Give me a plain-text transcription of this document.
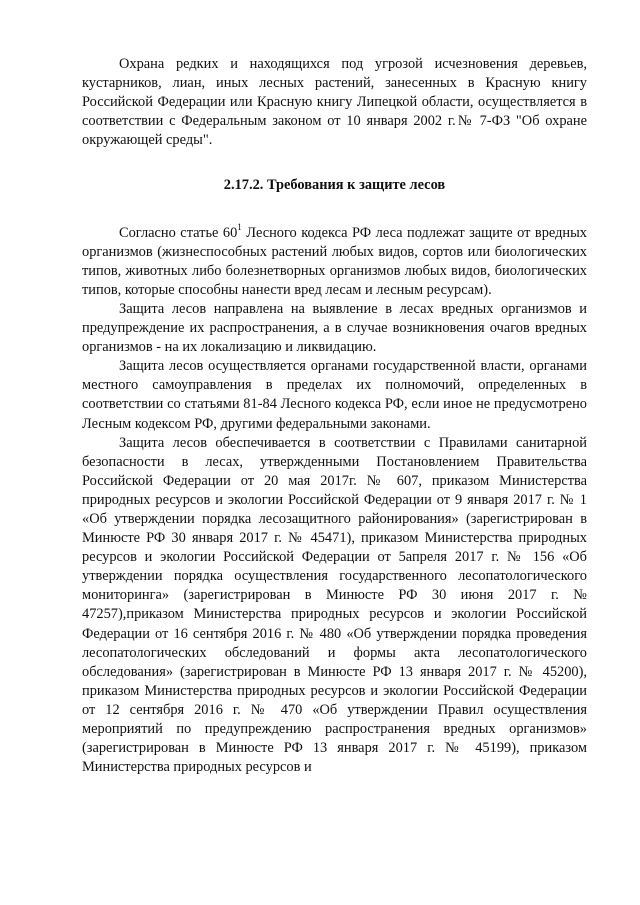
Охрана редких и находящихся под угрозой исчезновения деревьев, кустарников, лиан, иных лесных растений, занесенных в Красную книгу Российской Федерации или Красную книгу Липецкой области, осуществляется в соответствии с Федеральным законом от 10 января 2002 г.№ 7-ФЗ "Об охране окружающей среды".

2.17.2. Требования к защите лесов

Согласно статье $60^1$ Лесного кодекса РФ леса подлежат защите от вредных организмов (жизнеспособных растений любых видов, сортов или биологических типов, животных либо болезнетворных организмов любых видов, биологических типов, которые способны нанести вред лесам и лесным ресурсам).

Защита лесов направлена на выявление в лесах вредных организмов и предупреждение их распространения, а в случае возникновения очагов вредных организмов - на их локализацию и ликвидацию.

Защита лесов осуществляется органами государственной власти, органами местного самоуправления в пределах их полномочий, определенных в соответствии со статьями 81-84 Лесного кодекса РФ, если иное не предусмотрено Лесным кодексом РФ, другими федеральными законами.

Защита лесов обеспечивается в соответствии с Правилами санитарной безопасности в лесах, утвержденными Постановлением Правительства Российской Федерации от 20 мая 2017г. № 607, приказом Министерства природных ресурсов и экологии Российской Федерации от 9 января 2017 г. № 1 «Об утверждении порядка лесозащитного районирования» (зарегистрирован в Минюсте РФ 30 января 2017 г. № 45471), приказом Министерства природных ресурсов и экологии Российской Федерации от 5апреля 2017 г. № 156 «Об утверждении порядка осуществления государственного лесопатологического мониторинга» (зарегистрирован в Минюсте РФ 30 июня 2017 г. № 47257),приказом Министерства природных ресурсов и экологии Российской Федерации от 16 сентября 2016 г. № 480 «Об утверждении порядка проведения лесопатологических обследований и формы акта лесопатологического обследования» (зарегистрирован в Минюсте РФ 13 января 2017 г. № 45200), приказом Министерства природных ресурсов и экологии Российской Федерации от 12 сентября 2016 г. № 470 «Об утверждении Правил осуществления мероприятий по предупреждению распространения вредных организмов» (зарегистрирован в Минюсте РФ 13 января 2017 г. № 45199), приказом Министерства природных ресурсов и
